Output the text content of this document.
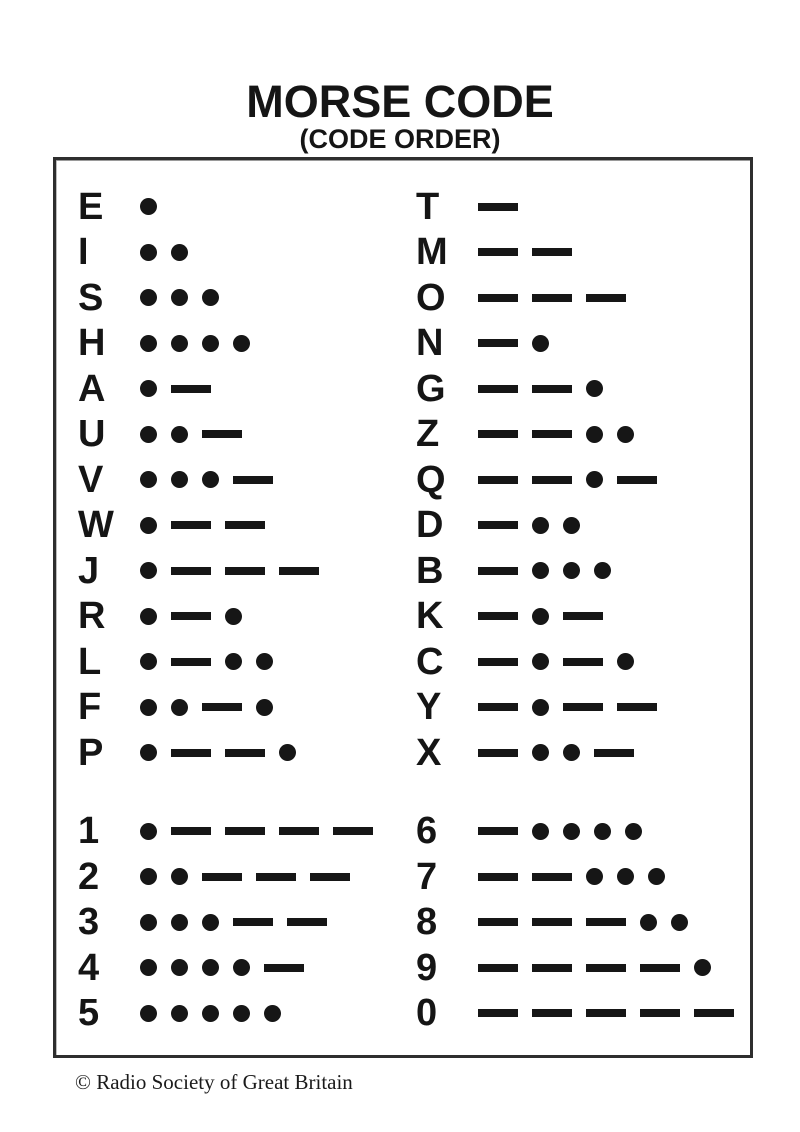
MORSE CODE
(CODE ORDER)
E
I
S
H
A
U
V
W
J
R
L
F
P
1
2
3
4
5
T
M
O
N
G
Z
Q
D
B
K
C
Y
X
6
7
8
9
0
© Radio Society of Great Britain
